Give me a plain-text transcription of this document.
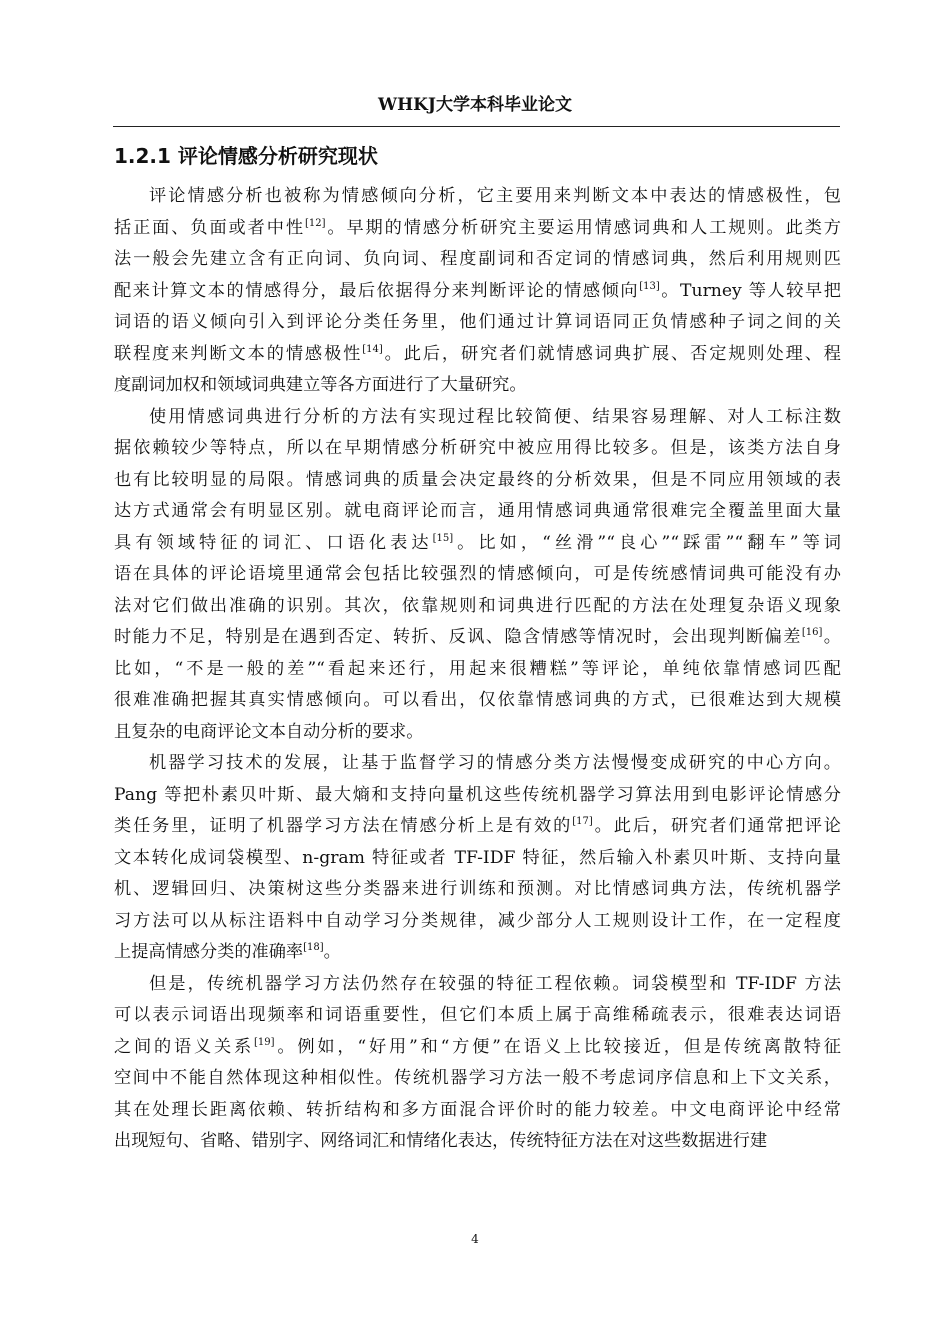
WHKJ大学本科毕业论文
1.2.1 评论情感分析研究现状
评论情感分析也被称为情感倾向分析，它主要用来判断文本中表达的情感极性，包
括正面、负面或者中性[12]。早期的情感分析研究主要运用情感词典和人工规则。此类方
法一般会先建立含有正向词、负向词、程度副词和否定词的情感词典，然后利用规则匹
配来计算文本的情感得分，最后依据得分来判断评论的情感倾向[13]。Turney 等人较早把
词语的语义倾向引入到评论分类任务里，他们通过计算词语同正负情感种子词之间的关
联程度来判断文本的情感极性[14]。此后，研究者们就情感词典扩展、否定规则处理、程
度副词加权和领域词典建立等各方面进行了大量研究。
使用情感词典进行分析的方法有实现过程比较简便、结果容易理解、对人工标注数
据依赖较少等特点，所以在早期情感分析研究中被应用得比较多。但是，该类方法自身
也有比较明显的局限。情感词典的质量会决定最终的分析效果，但是不同应用领域的表
达方式通常会有明显区别。就电商评论而言，通用情感词典通常很难完全覆盖里面大量
具有领域特征的词汇、口语化表达[15]。比如，“丝滑”“良心”“踩雷”“翻车”等词
语在具体的评论语境里通常会包括比较强烈的情感倾向，可是传统感情词典可能没有办
法对它们做出准确的识别。其次，依靠规则和词典进行匹配的方法在处理复杂语义现象
时能力不足，特别是在遇到否定、转折、反讽、隐含情感等情况时，会出现判断偏差[16]。
比如，“不是一般的差”“看起来还行，用起来很糟糕”等评论，单纯依靠情感词匹配
很难准确把握其真实情感倾向。可以看出，仅依靠情感词典的方式，已很难达到大规模
且复杂的电商评论文本自动分析的要求。
机器学习技术的发展，让基于监督学习的情感分类方法慢慢变成研究的中心方向。
Pang 等把朴素贝叶斯、最大熵和支持向量机这些传统机器学习算法用到电影评论情感分
类任务里，证明了机器学习方法在情感分析上是有效的[17]。此后，研究者们通常把评论
文本转化成词袋模型、n-gram 特征或者 TF-IDF 特征，然后输入朴素贝叶斯、支持向量
机、逻辑回归、决策树这些分类器来进行训练和预测。对比情感词典方法，传统机器学
习方法可以从标注语料中自动学习分类规律，减少部分人工规则设计工作，在一定程度
上提高情感分类的准确率[18]。
但是，传统机器学习方法仍然存在较强的特征工程依赖。词袋模型和 TF-IDF 方法
可以表示词语出现频率和词语重要性，但它们本质上属于高维稀疏表示，很难表达词语
之间的语义关系[19]。例如，“好用”和“方便”在语义上比较接近，但是传统离散特征
空间中不能自然体现这种相似性。传统机器学习方法一般不考虑词序信息和上下文关系，
其在处理长距离依赖、转折结构和多方面混合评价时的能力较差。中文电商评论中经常
出现短句、省略、错别字、网络词汇和情绪化表达，传统特征方法在对这些数据进行建
4
